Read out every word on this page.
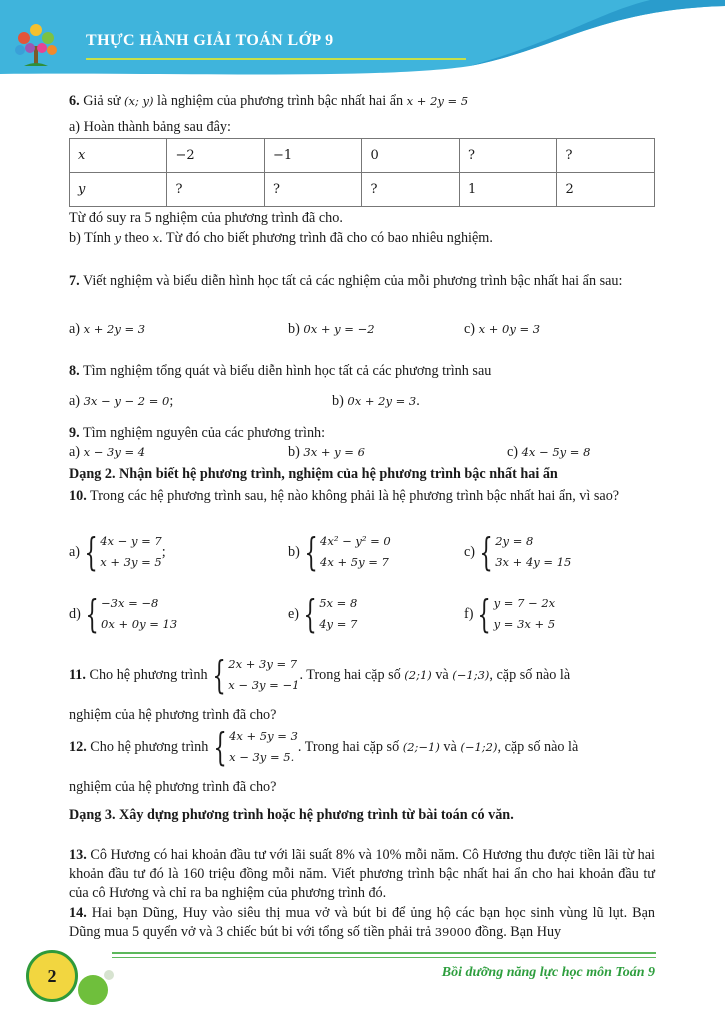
THỰC HÀNH GIẢI TOÁN LỚP 9
6. Giả sử (x; y) là nghiệm của phương trình bậc nhất hai ẩn x + 2y = 5
a) Hoàn thành bảng sau đây:
x	−2	−1	0	?	?
y	?	?	?	1	2
Từ đó suy ra 5 nghiệm của phương trình đã cho.
b) Tính y theo x. Từ đó cho biết phương trình đã cho có bao nhiêu nghiệm.
7. Viết nghiệm và biểu diễn hình học tất cả các nghiệm của mỗi phương trình bậc nhất hai ẩn sau:
a) x + 2y = 3	b) 0x + y = −2	c) x + 0y = 3
8. Tìm nghiệm tổng quát và biểu diễn hình học tất cả các phương trình sau
a) 3x − y − 2 = 0;	b) 0x + 2y = 3.
9. Tìm nghiệm nguyên của các phương trình:
a) x − 3y = 4	b) 3x + y = 6	c) 4x − 5y = 8
Dạng 2. Nhận biết hệ phương trình, nghiệm của hệ phương trình bậc nhất hai ẩn
10. Trong các hệ phương trình sau, hệ nào không phải là hệ phương trình bậc nhất hai ẩn, vì sao?
a) { 4x − y = 7
x + 3y = 5
;	b) { 4x² − y² = 0
4x + 5y = 7
c) { 2y = 8
3x + 4y = 15
d) { −3x = −8
0x + 0y = 13
e) { 5x = 8
4y = 7
f) { y = 7 − 2x
y = 3x + 5
11.
Cho hệ phương trình
{ 2x + 3y = 7
x − 3y = −1
. Trong hai cặp số
(2;1)
và
(−1;3) , cặp số nào là
nghiệm của hệ phương trình đã cho?
12.
Cho hệ phương trình
{ 4x + 5y = 3
x − 3y = 5.
. Trong hai cặp số
(2;−1)
và
(−1;2) , cặp số nào là
nghiệm của hệ phương trình đã cho?
Dạng 3. Xây dựng phương trình hoặc hệ phương trình từ bài toán có văn.
13. Cô Hương có hai khoản đầu tư với lãi suất 8% và 10% mỗi năm. Cô Hương thu được tiền lãi từ hai khoản đầu tư đó là 160 triệu đồng mỗi năm. Viết phương trình bậc nhất hai ẩn cho hai khoản đầu tư của cô Hương và chỉ ra ba nghiệm của phương trình đó.
14. Hai bạn Dũng, Huy vào siêu thị mua vở và bút bi để ủng hộ các bạn học sinh vùng lũ lụt. Bạn Dũng mua 5 quyển vở và 3 chiếc bút bi với tổng số tiền phải trả 39000 đồng. Bạn Huy
2	Bồi dưỡng năng lực học môn Toán 9
